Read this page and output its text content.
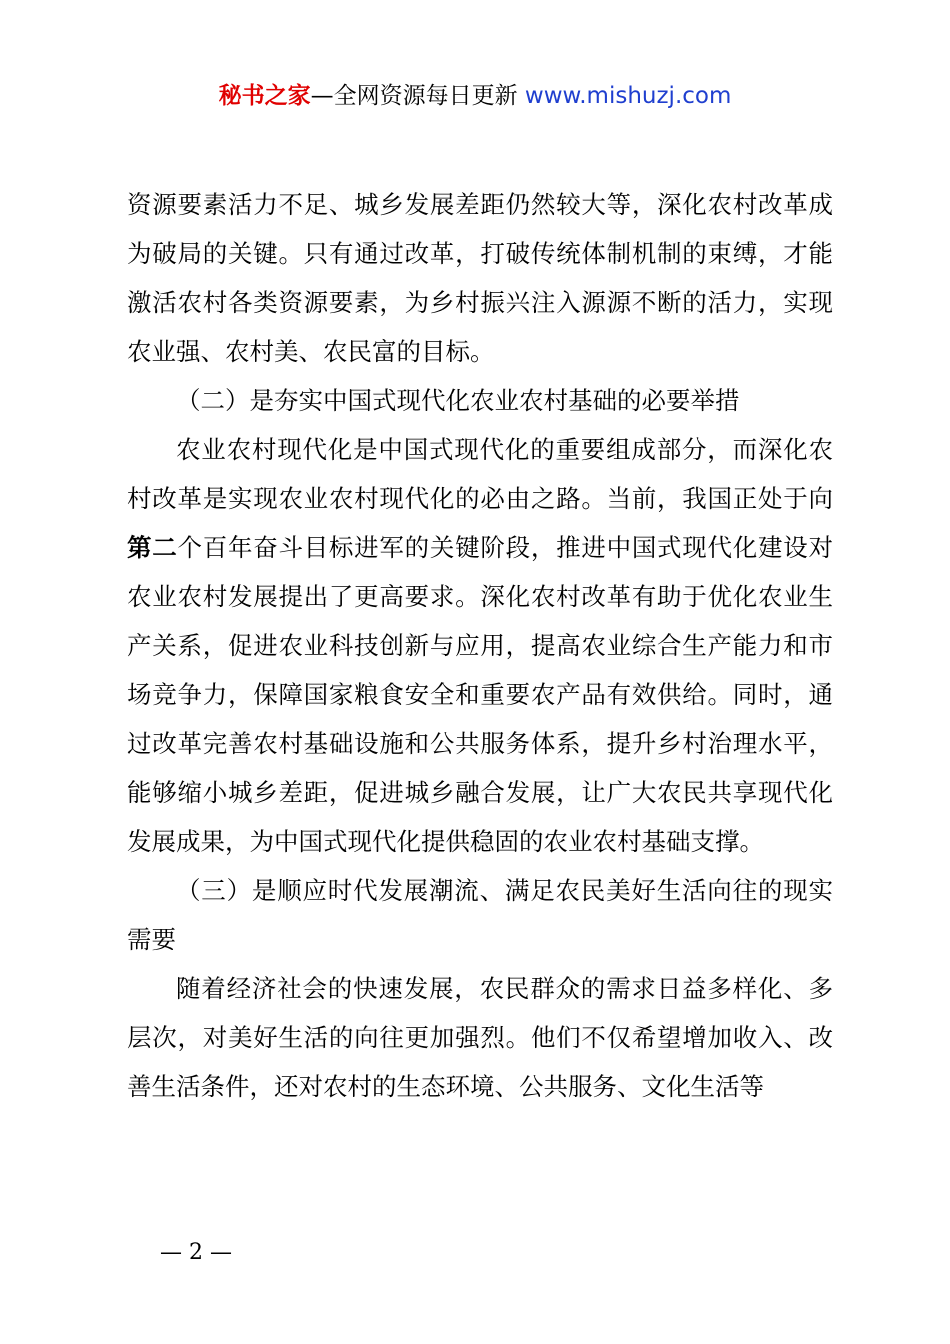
秘书之家—全网资源每日更新 www.mishuzj.com

资源要素活力不足、城乡发展差距仍然较大等，深化农村改革成为破局的关键。只有通过改革，打破传统体制机制的束缚，才能激活农村各类资源要素，为乡村振兴注入源源不断的活力，实现农业强、农村美、农民富的目标。

（二）是夯实中国式现代化农业农村基础的必要举措

农业农村现代化是中国式现代化的重要组成部分，而深化农村改革是实现农业农村现代化的必由之路。当前，我国正处于向第二个百年奋斗目标进军的关键阶段，推进中国式现代化建设对农业农村发展提出了更高要求。深化农村改革有助于优化农业生产关系，促进农业科技创新与应用，提高农业综合生产能力和市场竞争力，保障国家粮食安全和重要农产品有效供给。同时，通过改革完善农村基础设施和公共服务体系，提升乡村治理水平，能够缩小城乡差距，促进城乡融合发展，让广大农民共享现代化发展成果，为中国式现代化提供稳固的农业农村基础支撑。

（三）是顺应时代发展潮流、满足农民美好生活向往的现实需要

随着经济社会的快速发展，农民群众的需求日益多样化、多层次，对美好生活的向往更加强烈。他们不仅希望增加收入、改善生活条件，还对农村的生态环境、公共服务、文化生活等

— 2 —
